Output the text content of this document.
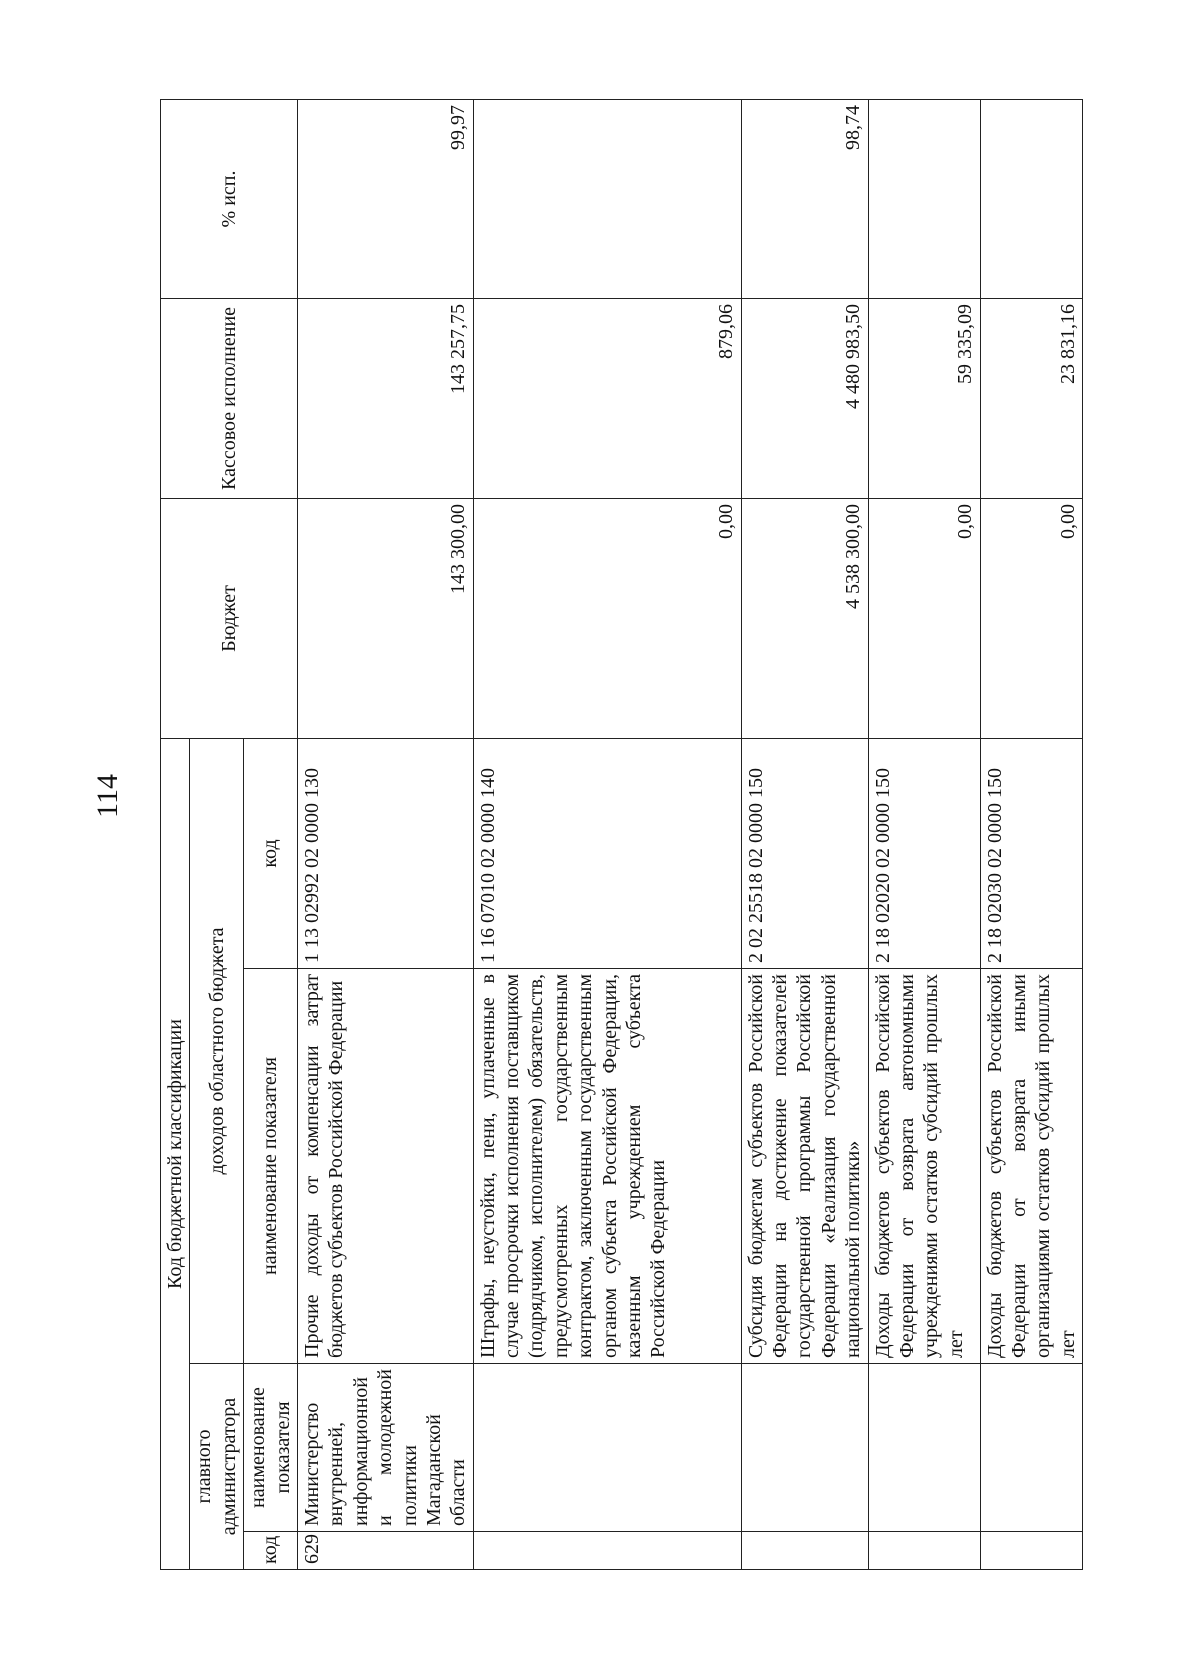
114
Код бюджетной классификации				Бюджет	Кассовое исполнение	% исп.
главного администратора		доходов областного бюджета				
код	наименование показателя	наименование показателя	код			
629	Министерство внутренней, информационной и молодежной политики Магаданской области	Прочие доходы от компенсации затрат бюджетов субъектов Российской Федерации	1 13 02992 02 0000 130	143 300,00	143 257,75	99,97
		Штрафы, неустойки, пени, уплаченные в случае просрочки исполнения поставщиком (подрядчиком, исполнителем) обязательств, предусмотренных государственным контрактом, заключенным государственным органом субъекта Российской Федерации, казенным учреждением субъекта Российской Федерации	1 16 07010 02 0000 140	0,00	879,06	
		Субсидия бюджетам субъектов Российской Федерации на достижение показателей государственной программы Российской Федерации «Реализация государственной национальной политики»	2 02 25518 02 0000 150	4 538 300,00	4 480 983,50	98,74
		Доходы бюджетов субъектов Российской Федерации от возврата автономными учреждениями остатков субсидий прошлых лет	2 18 02020 02 0000 150	0,00	59 335,09	
		Доходы бюджетов субъектов Российской Федерации от возврата иными организациями остатков субсидий прошлых лет	2 18 02030 02 0000 150	0,00	23 831,16	
